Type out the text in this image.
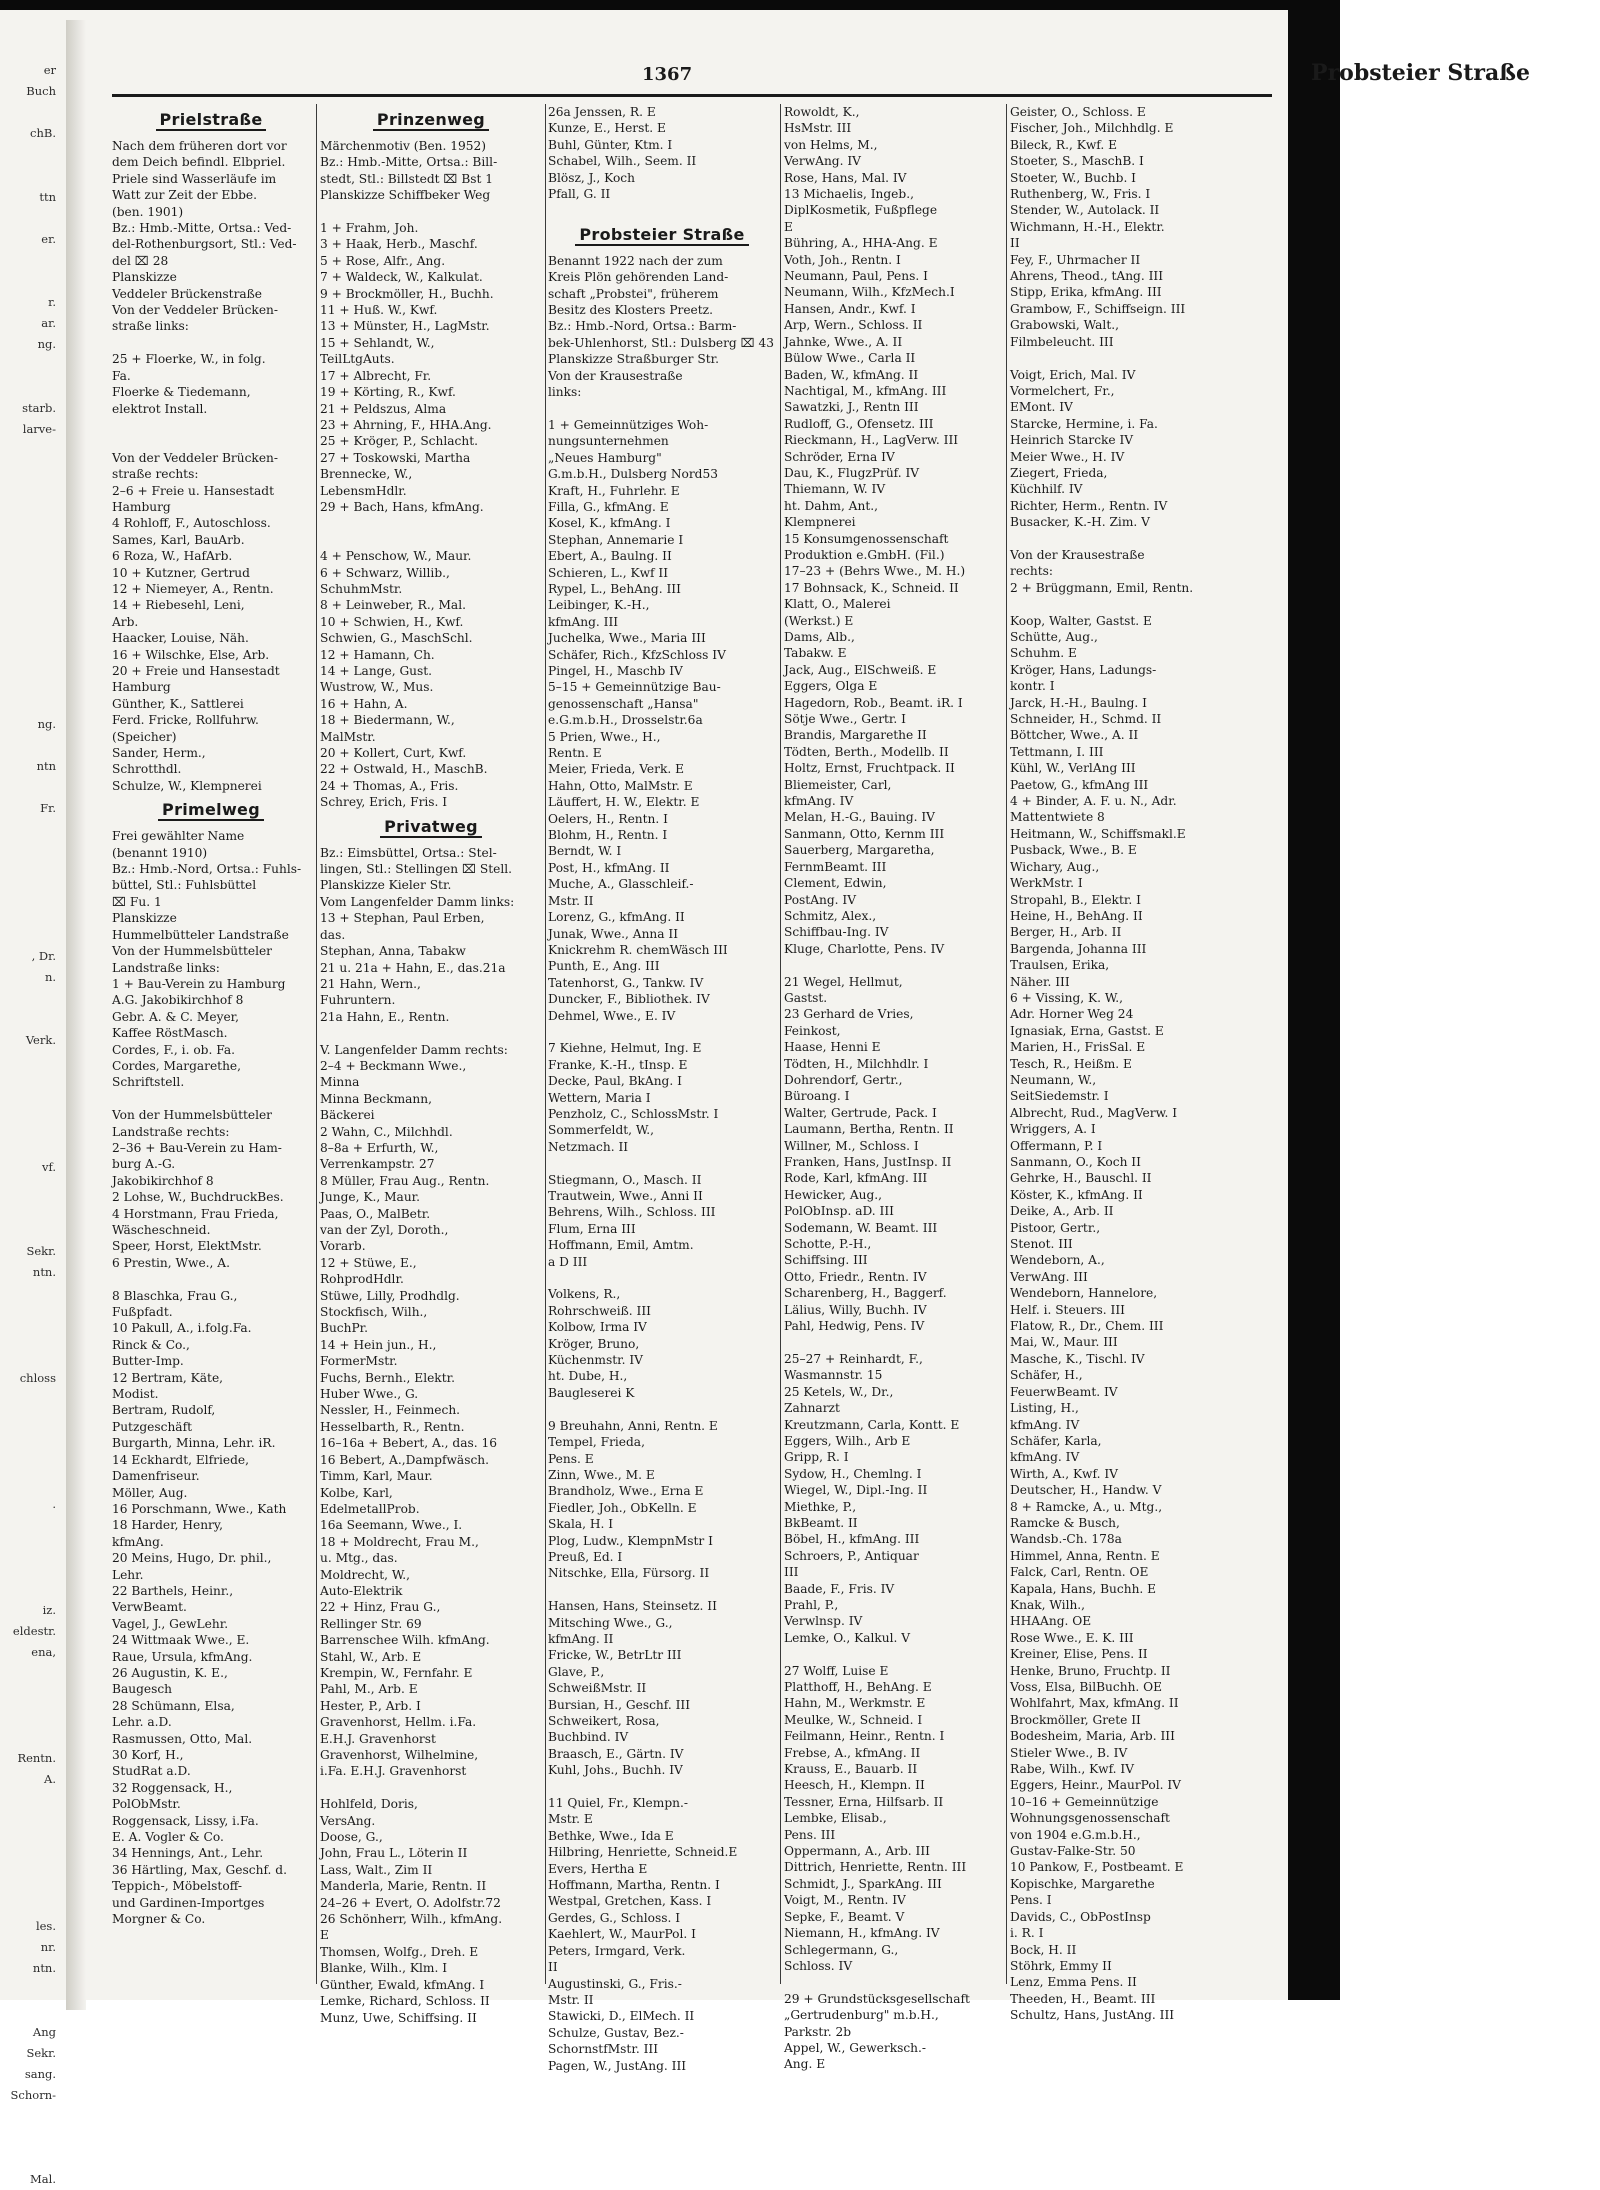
er
Buch

chB.

ttn

er.

r.
ar.
ng.

starb.
larve-

ng.

ntn

Fr.

, Dr.
n.

Verk.

vf.

Sekr.
ntn.

chloss

.

iz.
eldestr.
ena,

Rentn.
A.

les.
nr.
ntn.

Ang
Sekr.
sang.
Schorn-

Mal.
1367	Probsteier Straße
Prielstraße
Nach dem früheren dort vor
dem Deich befindl. Elbpriel.
Priele sind Wasserläufe im
Watt zur Zeit der Ebbe.
(ben. 1901)
Bz.: Hmb.-Mitte, Ortsa.: Ved-
del-Rothenburgsort, Stl.: Ved-
del ⌧ 28
Planskizze
Veddeler Brückenstraße
Von der Veddeler Brücken-
straße links:

25 + Floerke, W., in folg.
Fa.
Floerke & Tiedemann,
elektrot Install.

Von der Veddeler Brücken-
straße rechts:
2–6 + Freie u. Hansestadt
Hamburg
4 Rohloff, F., Autoschloss.
Sames, Karl, BauArb.
6 Roza, W., HafArb.
10 + Kutzner, Gertrud
12 + Niemeyer, A., Rentn.
14 + Riebesehl, Leni,
Arb.
Haacker, Louise, Näh.
16 + Wilschke, Else, Arb.
20 + Freie und Hansestadt
Hamburg
Günther, K., Sattlerei
Ferd. Fricke, Rollfuhrw.
(Speicher)
Sander, Herm.,
Schrotthdl.
Schulze, W., Klempnerei
Primelweg
Frei gewählter Name
(benannt 1910)
Bz.: Hmb.-Nord, Ortsa.: Fuhls-
büttel, Stl.: Fuhlsbüttel
⌧ Fu. 1
Planskizze
Hummelbütteler Landstraße
Von der Hummelsbütteler
Landstraße links:
1 + Bau-Verein zu Hamburg
A.G. Jakobikirchhof 8
Gebr. A. & C. Meyer,
Kaffee RöstMasch.
Cordes, F., i. ob. Fa.
Cordes, Margarethe,
Schriftstell.

Von der Hummelsbütteler
Landstraße rechts:
2–36 + Bau-Verein zu Ham-
burg A.-G.
Jakobikirchhof 8
2 Lohse, W., BuchdruckBes.
4 Horstmann, Frau Frieda,
Wäscheschneid.
Speer, Horst, ElektMstr.
6 Prestin, Wwe., A.

8 Blaschka, Frau G.,
Fußpfadt.
10 Pakull, A., i.folg.Fa.
Rinck & Co.,
Butter-Imp.
12 Bertram, Käte,
Modist.
Bertram, Rudolf,
Putzgeschäft
Burgarth, Minna, Lehr. iR.
14 Eckhardt, Elfriede,
Damenfriseur.
Möller, Aug.
16 Porschmann, Wwe., Kath
18 Harder, Henry,
kfmAng.
20 Meins, Hugo, Dr. phil.,
Lehr.
22 Barthels, Heinr.,
VerwBeamt.
Vagel, J., GewLehr.
24 Wittmaak Wwe., E.
Raue, Ursula, kfmAng.
26 Augustin, K. E.,
Baugesch
28 Schümann, Elsa,
Lehr. a.D.
Rasmussen, Otto, Mal.
30 Korf, H.,
StudRat a.D.
32 Roggensack, H.,
PolObMstr.
Roggensack, Lissy, i.Fa.
E. A. Vogler & Co.
34 Hennings, Ant., Lehr.
36 Härtling, Max, Geschf. d.
Teppich-, Möbelstoff-
und Gardinen-Importges
Morgner & Co.
Prinzenweg
Märchenmotiv (Ben. 1952)
Bz.: Hmb.-Mitte, Ortsa.: Bill-
stedt, Stl.: Billstedt ⌧ Bst 1
Planskizze Schiffbeker Weg

1 + Frahm, Joh.
3 + Haak, Herb., Maschf.
5 + Rose, Alfr., Ang.
7 + Waldeck, W., Kalkulat.
9 + Brockmöller, H., Buchh.
11 + Huß. W., Kwf.
13 + Münster, H., LagMstr.
15 + Sehlandt, W.,
TeilLtgAuts.
17 + Albrecht, Fr.
19 + Körting, R., Kwf.
21 + Peldszus, Alma
23 + Ahrning, F., HHA.Ang.
25 + Kröger, P., Schlacht.
27 + Toskowski, Martha
Brennecke, W.,
LebensmHdlr.
29 + Bach, Hans, kfmAng.

4 + Penschow, W., Maur.
6 + Schwarz, Willib.,
SchuhmMstr.
8 + Leinweber, R., Mal.
10 + Schwien, H., Kwf.
Schwien, G., MaschSchl.
12 + Hamann, Ch.
14 + Lange, Gust.
Wustrow, W., Mus.
16 + Hahn, A.
18 + Biedermann, W.,
MalMstr.
20 + Kollert, Curt, Kwf.
22 + Ostwald, H., MaschB.
24 + Thomas, A., Fris.
Schrey, Erich, Fris. I
Privatweg
Bz.: Eimsbüttel, Ortsa.: Stel-
lingen, Stl.: Stellingen ⌧ Stell.
Planskizze Kieler Str.
Vom Langenfelder Damm links:
13 + Stephan, Paul Erben,
das.
Stephan, Anna, Tabakw
21 u. 21a + Hahn, E., das.21a
21 Hahn, Wern.,
Fuhruntern.
21a Hahn, E., Rentn.

V. Langenfelder Damm rechts:
2–4 + Beckmann Wwe.,
Minna
Minna Beckmann,
Bäckerei
2 Wahn, C., Milchhdl.
8–8a + Erfurth, W.,
Verrenkampstr. 27
8 Müller, Frau Aug., Rentn.
Junge, K., Maur.
Paas, O., MalBetr.
van der Zyl, Doroth.,
Vorarb.
12 + Stüwe, E.,
RohprodHdlr.
Stüwe, Lilly, Prodhdlg.
Stockfisch, Wilh.,
BuchPr.
14 + Hein jun., H.,
FormerMstr.
Fuchs, Bernh., Elektr.
Huber Wwe., G.
Nessler, H., Feinmech.
Hesselbarth, R., Rentn.
16–16a + Bebert, A., das. 16
16 Bebert, A.,Dampfwäsch.
Timm, Karl, Maur.
Kolbe, Karl,
EdelmetallProb.
16a Seemann, Wwe., I.
18 + Moldrecht, Frau M.,
u. Mtg., das.
Moldrecht, W.,
Auto-Elektrik
22 + Hinz, Frau G.,
Rellinger Str. 69
Barrenschee Wilh. kfmAng.
Stahl, W., Arb. E
Krempin, W., Fernfahr. E
Pahl, M., Arb. E
Hester, P., Arb. I
Gravenhorst, Hellm. i.Fa.
E.H.J. Gravenhorst
Gravenhorst, Wilhelmine,
i.Fa. E.H.J. Gravenhorst

Hohlfeld, Doris,
VersAng.
Doose, G.,
John, Frau L., Löterin II
Lass, Walt., Zim II
Manderla, Marie, Rentn. II
24–26 + Evert, O. Adolfstr.72
26 Schönherr, Wilh., kfmAng.
E
Thomsen, Wolfg., Dreh. E
Blanke, Wilh., Klm. I
Günther, Ewald, kfmAng. I
Lemke, Richard, Schloss. II
Munz, Uwe, Schiffsing. II
26a Jenssen, R. E
Kunze, E., Herst. E
Buhl, Günter, Ktm. I
Schabel, Wilh., Seem. II
Blösz, J., Koch
Pfall, G. II

Probsteier Straße
Benannt 1922 nach der zum
Kreis Plön gehörenden Land-
schaft „Probstei", früherem
Besitz des Klosters Preetz.
Bz.: Hmb.-Nord, Ortsa.: Barm-
bek-Uhlenhorst, Stl.: Dulsberg ⌧ 43
Planskizze Straßburger Str.
Von der Krausestraße
links:

1 + Gemeinnütziges Woh-
nungsunternehmen
„Neues Hamburg"
G.m.b.H., Dulsberg Nord53
Kraft, H., Fuhrlehr. E
Filla, G., kfmAng. E
Kosel, K., kfmAng. I
Stephan, Annemarie I
Ebert, A., Baulng. II
Schieren, L., Kwf II
Rypel, L., BehAng. III
Leibinger, K.-H.,
kfmAng. III
Juchelka, Wwe., Maria III
Schäfer, Rich., KfzSchloss IV
Pingel, H., Maschb IV
5–15 + Gemeinnützige Bau-
genossenschaft „Hansa"
e.G.m.b.H., Drosselstr.6a
5 Prien, Wwe., H.,
Rentn. E
Meier, Frieda, Verk. E
Hahn, Otto, MalMstr. E
Läuffert, H. W., Elektr. E
Oelers, H., Rentn. I
Blohm, H., Rentn. I
Berndt, W. I
Post, H., kfmAng. II
Muche, A., Glasschleif.-
Mstr. II
Lorenz, G., kfmAng. II
Junak, Wwe., Anna II
Knickrehm R. chemWäsch III
Punth, E., Ang. III
Tatenhorst, G., Tankw. IV
Duncker, F., Bibliothek. IV
Dehmel, Wwe., E. IV

7 Kiehne, Helmut, Ing. E
Franke, K.-H., tInsp. E
Decke, Paul, BkAng. I
Wettern, Maria I
Penzholz, C., SchlossMstr. I
Sommerfeldt, W.,
Netzmach. II

Stiegmann, O., Masch. II
Trautwein, Wwe., Anni II
Behrens, Wilh., Schloss. III
Flum, Erna III
Hoffmann, Emil, Amtm.
a D III

Volkens, R.,
Rohrschweiß. III
Kolbow, Irma IV
Kröger, Bruno,
Küchenmstr. IV
ht. Dube, H.,
Baugleserei K

9 Breuhahn, Anni, Rentn. E
Tempel, Frieda,
Pens. E
Zinn, Wwe., M. E
Brandholz, Wwe., Erna E
Fiedler, Joh., ObKelln. E
Skala, H. I
Plog, Ludw., KlempnMstr I
Preuß, Ed. I
Nitschke, Ella, Fürsorg. II

Hansen, Hans, Steinsetz. II
Mitsching Wwe., G.,
kfmAng. II
Fricke, W., BetrLtr III
Glave, P.,
SchweißMstr. II
Bursian, H., Geschf. III
Schweikert, Rosa,
Buchbind. IV
Braasch, E., Gärtn. IV
Kuhl, Johs., Buchh. IV

11 Quiel, Fr., Klempn.-
Mstr. E
Bethke, Wwe., Ida E
Hilbring, Henriette, Schneid.E
Evers, Hertha E
Hoffmann, Martha, Rentn. I
Westpal, Gretchen, Kass. I
Gerdes, G., Schloss. I
Kaehlert, W., MaurPol. I
Peters, Irmgard, Verk.
II
Augustinski, G., Fris.-
Mstr. II
Stawicki, D., ElMech. II
Schulze, Gustav, Bez.-
SchornstfMstr. III
Pagen, W., JustAng. III
Rowoldt, K.,
HsMstr. III
von Helms, M.,
VerwAng. IV
Rose, Hans, Mal. IV
13 Michaelis, Ingeb.,
DiplKosmetik, Fußpflege
E
Bühring, A., HHA-Ang. E
Voth, Joh., Rentn. I
Neumann, Paul, Pens. I
Neumann, Wilh., KfzMech.I
Hansen, Andr., Kwf. I
Arp, Wern., Schloss. II
Jahnke, Wwe., A. II
Bülow Wwe., Carla II
Baden, W., kfmAng. II
Nachtigal, M., kfmAng. III
Sawatzki, J., Rentn III
Rudloff, G., Ofensetz. III
Rieckmann, H., LagVerw. III
Schröder, Erna IV
Dau, K., FlugzPrüf. IV
Thiemann, W. IV
ht. Dahm, Ant.,
Klempnerei
15 Konsumgenossenschaft
Produktion e.GmbH. (Fil.)
17–23 + (Behrs Wwe., M. H.)
17 Bohnsack, K., Schneid. II
Klatt, O., Malerei
(Werkst.) E
Dams, Alb.,
Tabakw. E
Jack, Aug., ElSchweiß. E
Eggers, Olga E
Hagedorn, Rob., Beamt. iR. I
Sötje Wwe., Gertr. I
Brandis, Margarethe II
Tödten, Berth., Modellb. II
Holtz, Ernst, Fruchtpack. II
Bliemeister, Carl,
kfmAng. IV
Melan, H.-G., Bauing. IV
Sanmann, Otto, Kernm III
Sauerberg, Margaretha,
FernmBeamt. III
Clement, Edwin,
PostAng. IV
Schmitz, Alex.,
Schiffbau-Ing. IV
Kluge, Charlotte, Pens. IV

21 Wegel, Hellmut,
Gastst.
23 Gerhard de Vries,
Feinkost,
Haase, Henni E
Tödten, H., Milchhdlr. I
Dohrendorf, Gertr.,
Büroang. I
Walter, Gertrude, Pack. I
Laumann, Bertha, Rentn. II
Willner, M., Schloss. I
Franken, Hans, JustInsp. II
Rode, Karl, kfmAng. III
Hewicker, Aug.,
PolObInsp. aD. III
Sodemann, W. Beamt. III
Schotte, P.-H.,
Schiffsing. III
Otto, Friedr., Rentn. IV
Scharenberg, H., Baggerf.
Lälius, Willy, Buchh. IV
Pahl, Hedwig, Pens. IV

25–27 + Reinhardt, F.,
Wasmannstr. 15
25 Ketels, W., Dr.,
Zahnarzt
Kreutzmann, Carla, Kontt. E
Eggers, Wilh., Arb E
Gripp, R. I
Sydow, H., Chemlng. I
Wiegel, W., Dipl.-Ing. II
Miethke, P.,
BkBeamt. II
Böbel, H., kfmAng. III
Schroers, P., Antiquar
III
Baade, F., Fris. IV
Prahl, P.,
Verwlnsp. IV
Lemke, O., Kalkul. V

27 Wolff, Luise E
Platthoff, H., BehAng. E
Hahn, M., Werkmstr. E
Meulke, W., Schneid. I
Feilmann, Heinr., Rentn. I
Frebse, A., kfmAng. II
Krauss, E., Bauarb. II
Heesch, H., Klempn. II
Tessner, Erna, Hilfsarb. II
Lembke, Elisab.,
Pens. III
Oppermann, A., Arb. III
Dittrich, Henriette, Rentn. III
Schmidt, J., SparkAng. III
Voigt, M., Rentn. IV
Sepke, F., Beamt. V
Niemann, H., kfmAng. IV
Schlegermann, G.,
Schloss. IV

29 + Grundstücksgesellschaft
„Gertrudenburg" m.b.H.,
Parkstr. 2b
Appel, W., Gewerksch.-
Ang. E
Geister, O., Schloss. E
Fischer, Joh., Milchhdlg. E
Bileck, R., Kwf. E
Stoeter, S., MaschB. I
Stoeter, W., Buchb. I
Ruthenberg, W., Fris. I
Stender, W., Autolack. II
Wichmann, H.-H., Elektr.
II
Fey, F., Uhrmacher II
Ahrens, Theod., tAng. III
Stipp, Erika, kfmAng. III
Grambow, F., Schiffseign. III
Grabowski, Walt.,
Filmbeleucht. III

Voigt, Erich, Mal. IV
Vormelchert, Fr.,
EMont. IV
Starcke, Hermine, i. Fa.
Heinrich Starcke IV
Meier Wwe., H. IV
Ziegert, Frieda,
Küchhilf. IV
Richter, Herm., Rentn. IV
Busacker, K.-H. Zim. V

Von der Krausestraße
rechts:
2 + Brüggmann, Emil, Rentn.

Koop, Walter, Gastst. E
Schütte, Aug.,
Schuhm. E
Kröger, Hans, Ladungs-
kontr. I
Jarck, H.-H., Baulng. I
Schneider, H., Schmd. II
Böttcher, Wwe., A. II
Tettmann, I. III
Kühl, W., VerlAng III
Paetow, G., kfmAng III
4 + Binder, A. F. u. N., Adr.
Mattentwiete 8
Heitmann, W., Schiffsmakl.E
Pusback, Wwe., B. E
Wichary, Aug.,
WerkMstr. I
Stropahl, B., Elektr. I
Heine, H., BehAng. II
Berger, H., Arb. II
Bargenda, Johanna III
Traulsen, Erika,
Näher. III
6 + Vissing, K. W.,
Adr. Horner Weg 24
Ignasiak, Erna, Gastst. E
Marien, H., FrisSal. E
Tesch, R., Heißm. E
Neumann, W.,
SeitSiedemstr. I
Albrecht, Rud., MagVerw. I
Wriggers, A. I
Offermann, P. I
Sanmann, O., Koch II
Gehrke, H., Bauschl. II
Köster, K., kfmAng. II
Deike, A., Arb. II
Pistoor, Gertr.,
Stenot. III
Wendeborn, A.,
VerwAng. III
Wendeborn, Hannelore,
Helf. i. Steuers. III
Flatow, R., Dr., Chem. III
Mai, W., Maur. III
Masche, K., Tischl. IV
Schäfer, H.,
FeuerwBeamt. IV
Listing, H.,
kfmAng. IV
Schäfer, Karla,
kfmAng. IV
Wirth, A., Kwf. IV
Deutscher, H., Handw. V
8 + Ramcke, A., u. Mtg.,
Ramcke & Busch,
Wandsb.-Ch. 178a
Himmel, Anna, Rentn. E
Falck, Carl, Rentn. OE
Kapala, Hans, Buchh. E
Knak, Wilh.,
HHAAng. OE
Rose Wwe., E. K. III
Kreiner, Elise, Pens. II
Henke, Bruno, Fruchtp. II
Voss, Elsa, BilBuchh. OE
Wohlfahrt, Max, kfmAng. II
Brockmöller, Grete II
Bodesheim, Maria, Arb. III
Stieler Wwe., B. IV
Rabe, Wilh., Kwf. IV
Eggers, Heinr., MaurPol. IV
10–16 + Gemeinnützige
Wohnungsgenossenschaft
von 1904 e.G.m.b.H.,
Gustav-Falke-Str. 50
10 Pankow, F., Postbeamt. E
Kopischke, Margarethe
Pens. I
Davids, C., ObPostInsp
i. R. I
Bock, H. II
Stöhrk, Emmy II
Lenz, Emma Pens. II
Theeden, H., Beamt. III
Schultz, Hans, JustAng. III
